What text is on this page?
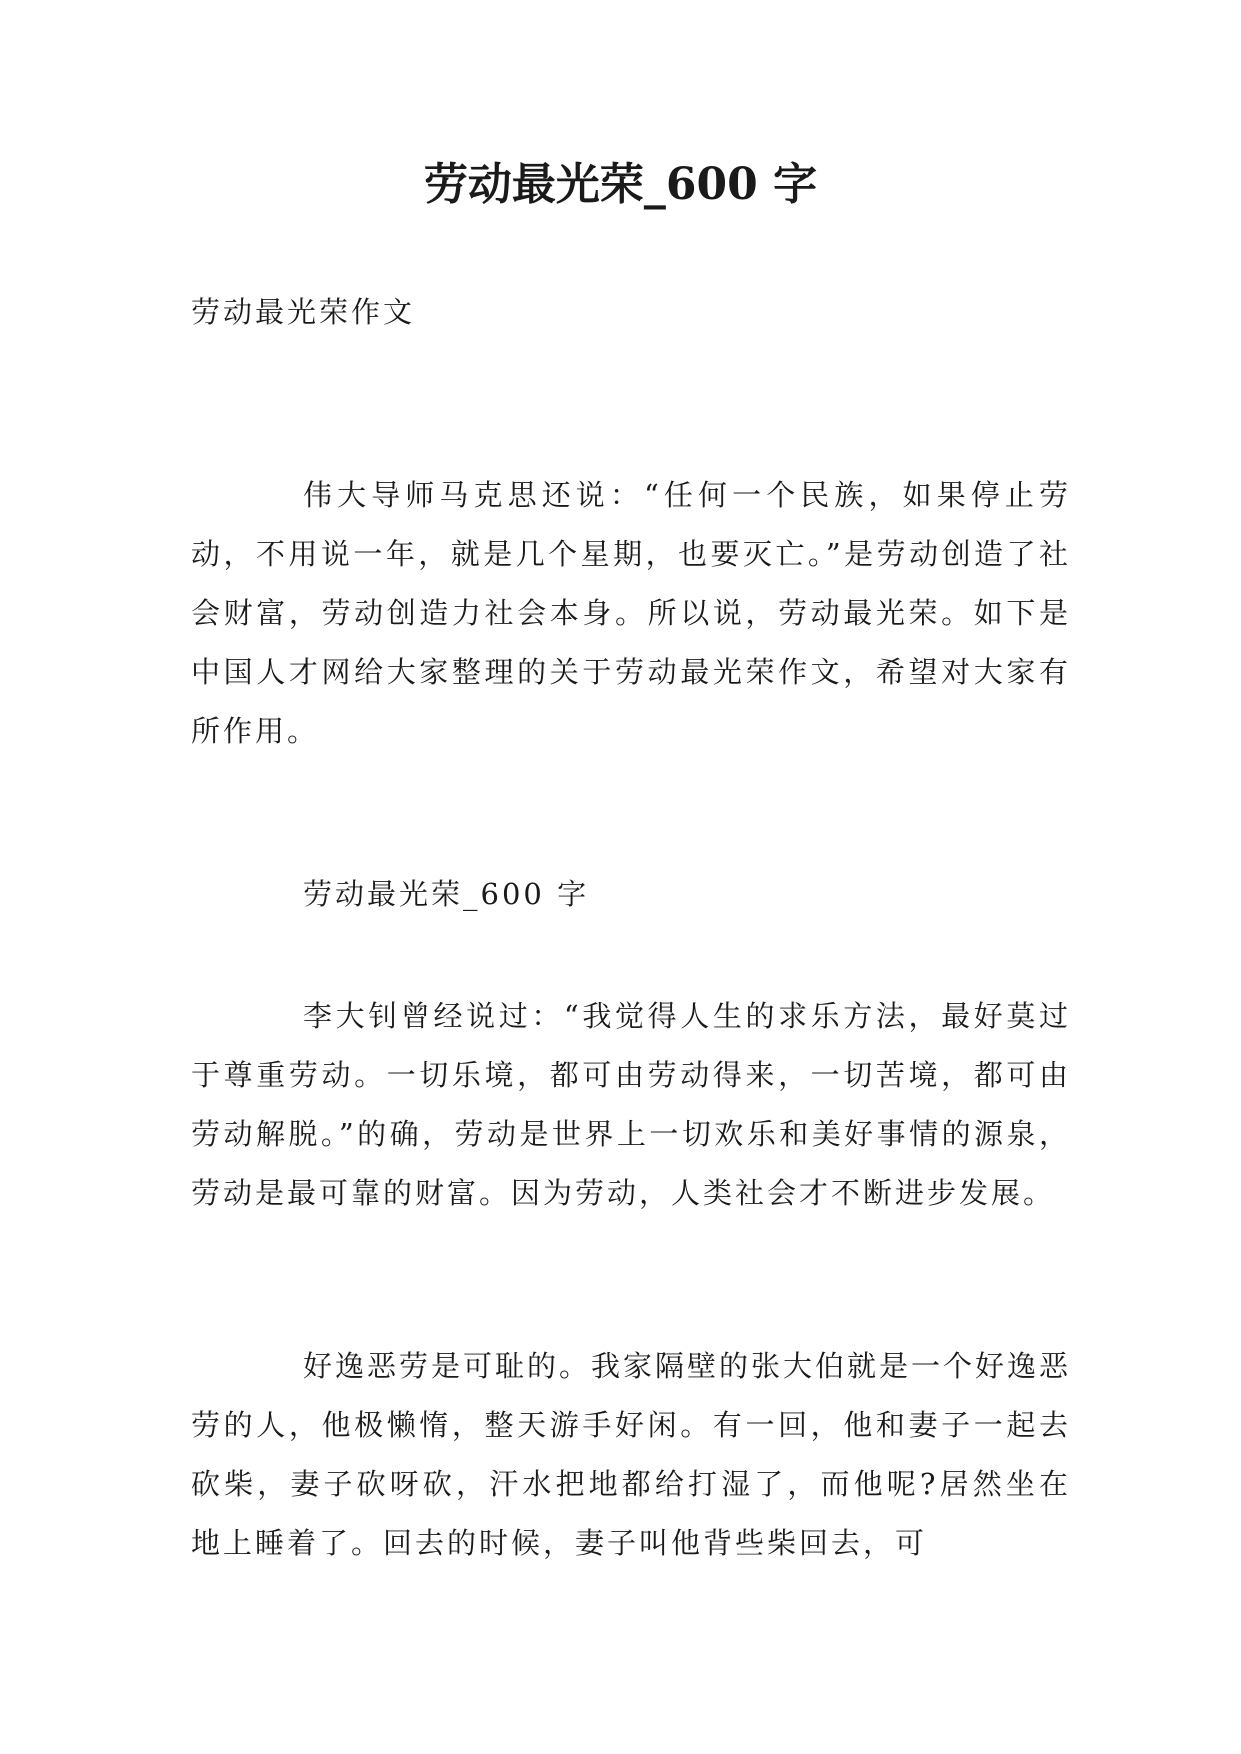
劳动最光荣_600 字
劳动最光荣作文

伟大导师马克思还说：“任何一个民族，如果停止劳动，不用说一年，就是几个星期，也要灭亡。”是劳动创造了社会财富，劳动创造力社会本身。所以说，劳动最光荣。如下是中国人才网给大家整理的关于劳动最光荣作文，希望对大家有所作用。

劳动最光荣_600 字

李大钊曾经说过：“我觉得人生的求乐方法，最好莫过于尊重劳动。一切乐境，都可由劳动得来，一切苦境，都可由劳动解脱。”的确，劳动是世界上一切欢乐和美好事情的源泉，劳动是最可靠的财富。因为劳动，人类社会才不断进步发展。

好逸恶劳是可耻的。我家隔壁的张大伯就是一个好逸恶劳的人，他极懒惰，整天游手好闲。有一回，他和妻子一起去砍柴，妻子砍呀砍，汗水把地都给打湿了，而他呢?居然坐在地上睡着了。回去的时候，妻子叫他背些柴回去，可
